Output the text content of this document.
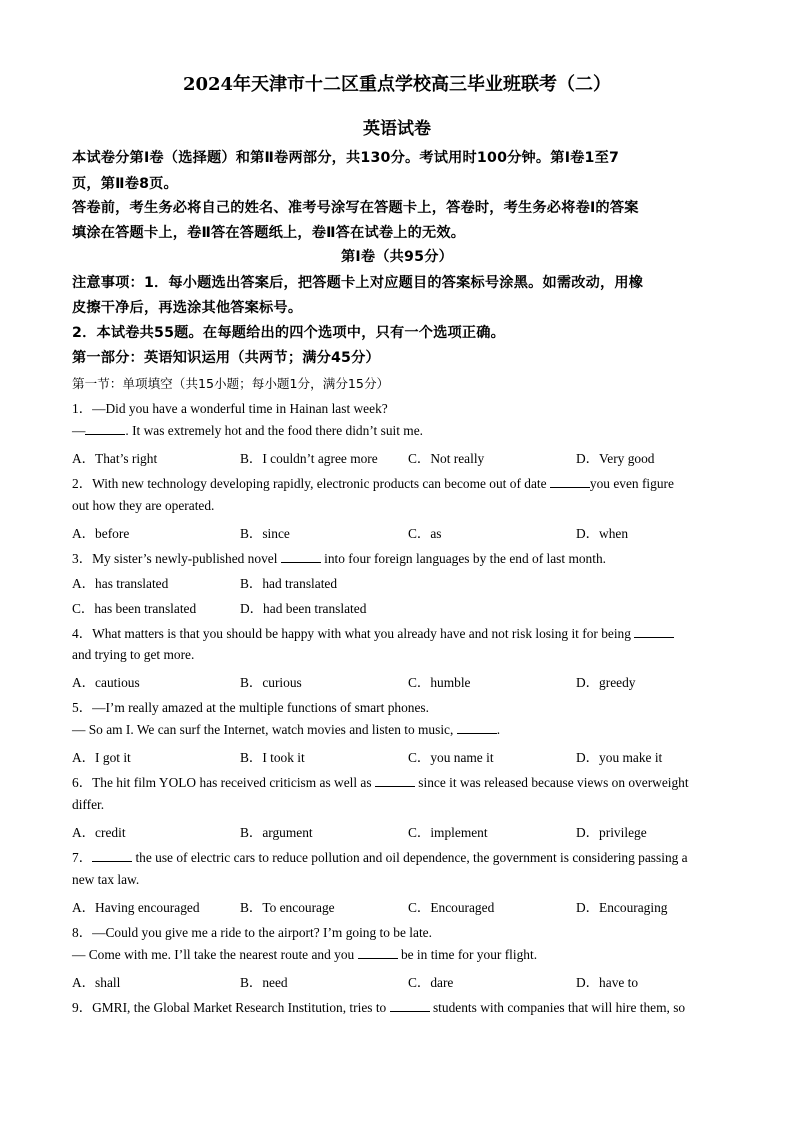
2024年天津市十二区重点学校高三毕业班联考（二）
英语试卷
本试卷分第Ⅰ卷（选择题）和第Ⅱ卷两部分，共130分。考试用时100分钟。第Ⅰ卷1至7
页，第Ⅱ卷8页。
答卷前，考生务必将自己的姓名、准考号涂写在答题卡上，答卷时，考生务必将卷Ⅰ的答案
填涂在答题卡上，卷Ⅱ答在答题纸上，卷Ⅱ答在试卷上的无效。
第Ⅰ卷（共95分）
注意事项：1．每小题选出答案后，把答题卡上对应题目的答案标号涂黑。如需改动，用橡
皮擦干净后，再选涂其他答案标号。
2．本试卷共55题。在每题给出的四个选项中，只有一个选项正确。
第一部分：英语知识运用（共两节；满分45分）
第一节：单项填空（共15小题；每小题1分，满分15分）
1．—Did you have a wonderful time in Hainan last week?
—	. It was extremely hot and the food there didn’t suit me.
A．That’s right	B．I couldn’t agree more C．Not really	D．Very good
2．With new technology developing rapidly, electronic products can become out of date	you even figure
out how they are operated.
A．before	B．since	C．as	D．when
3．My sister’s newly-published novel	into four foreign languages by the end of last month.
A．has translated	B．had translated
C．has been translated	D．had been translated
4．What matters is that you should be happy with what you already have and not risk losing it for being
and trying to get more.
A．cautious	B．curious	C．humble	D．greedy
5．—I’m really amazed at the multiple functions of smart phones.
— So am I. We can surf the Internet, watch movies and listen to music,	.
A．I got it	B．I took it	C．you name it	D．you make it
6．The hit film YOLO has received criticism as well as	since it was released because views on overweight
differ.
A．credit	B．argument	C．implement	D．privilege
7．	the use of electric cars to reduce pollution and oil dependence, the government is considering passing a
new tax law.
A．Having encouraged	B．To encourage	C．Encouraged	D．Encouraging
8．—Could you give me a ride to the airport? I’m going to be late.
— Come with me. I’ll take the nearest route and you	be in time for your flight.
A．shall	B．need	C．dare	D．have to
9．GMRI, the Global Market Research Institution, tries to	students with companies that will hire them, so
